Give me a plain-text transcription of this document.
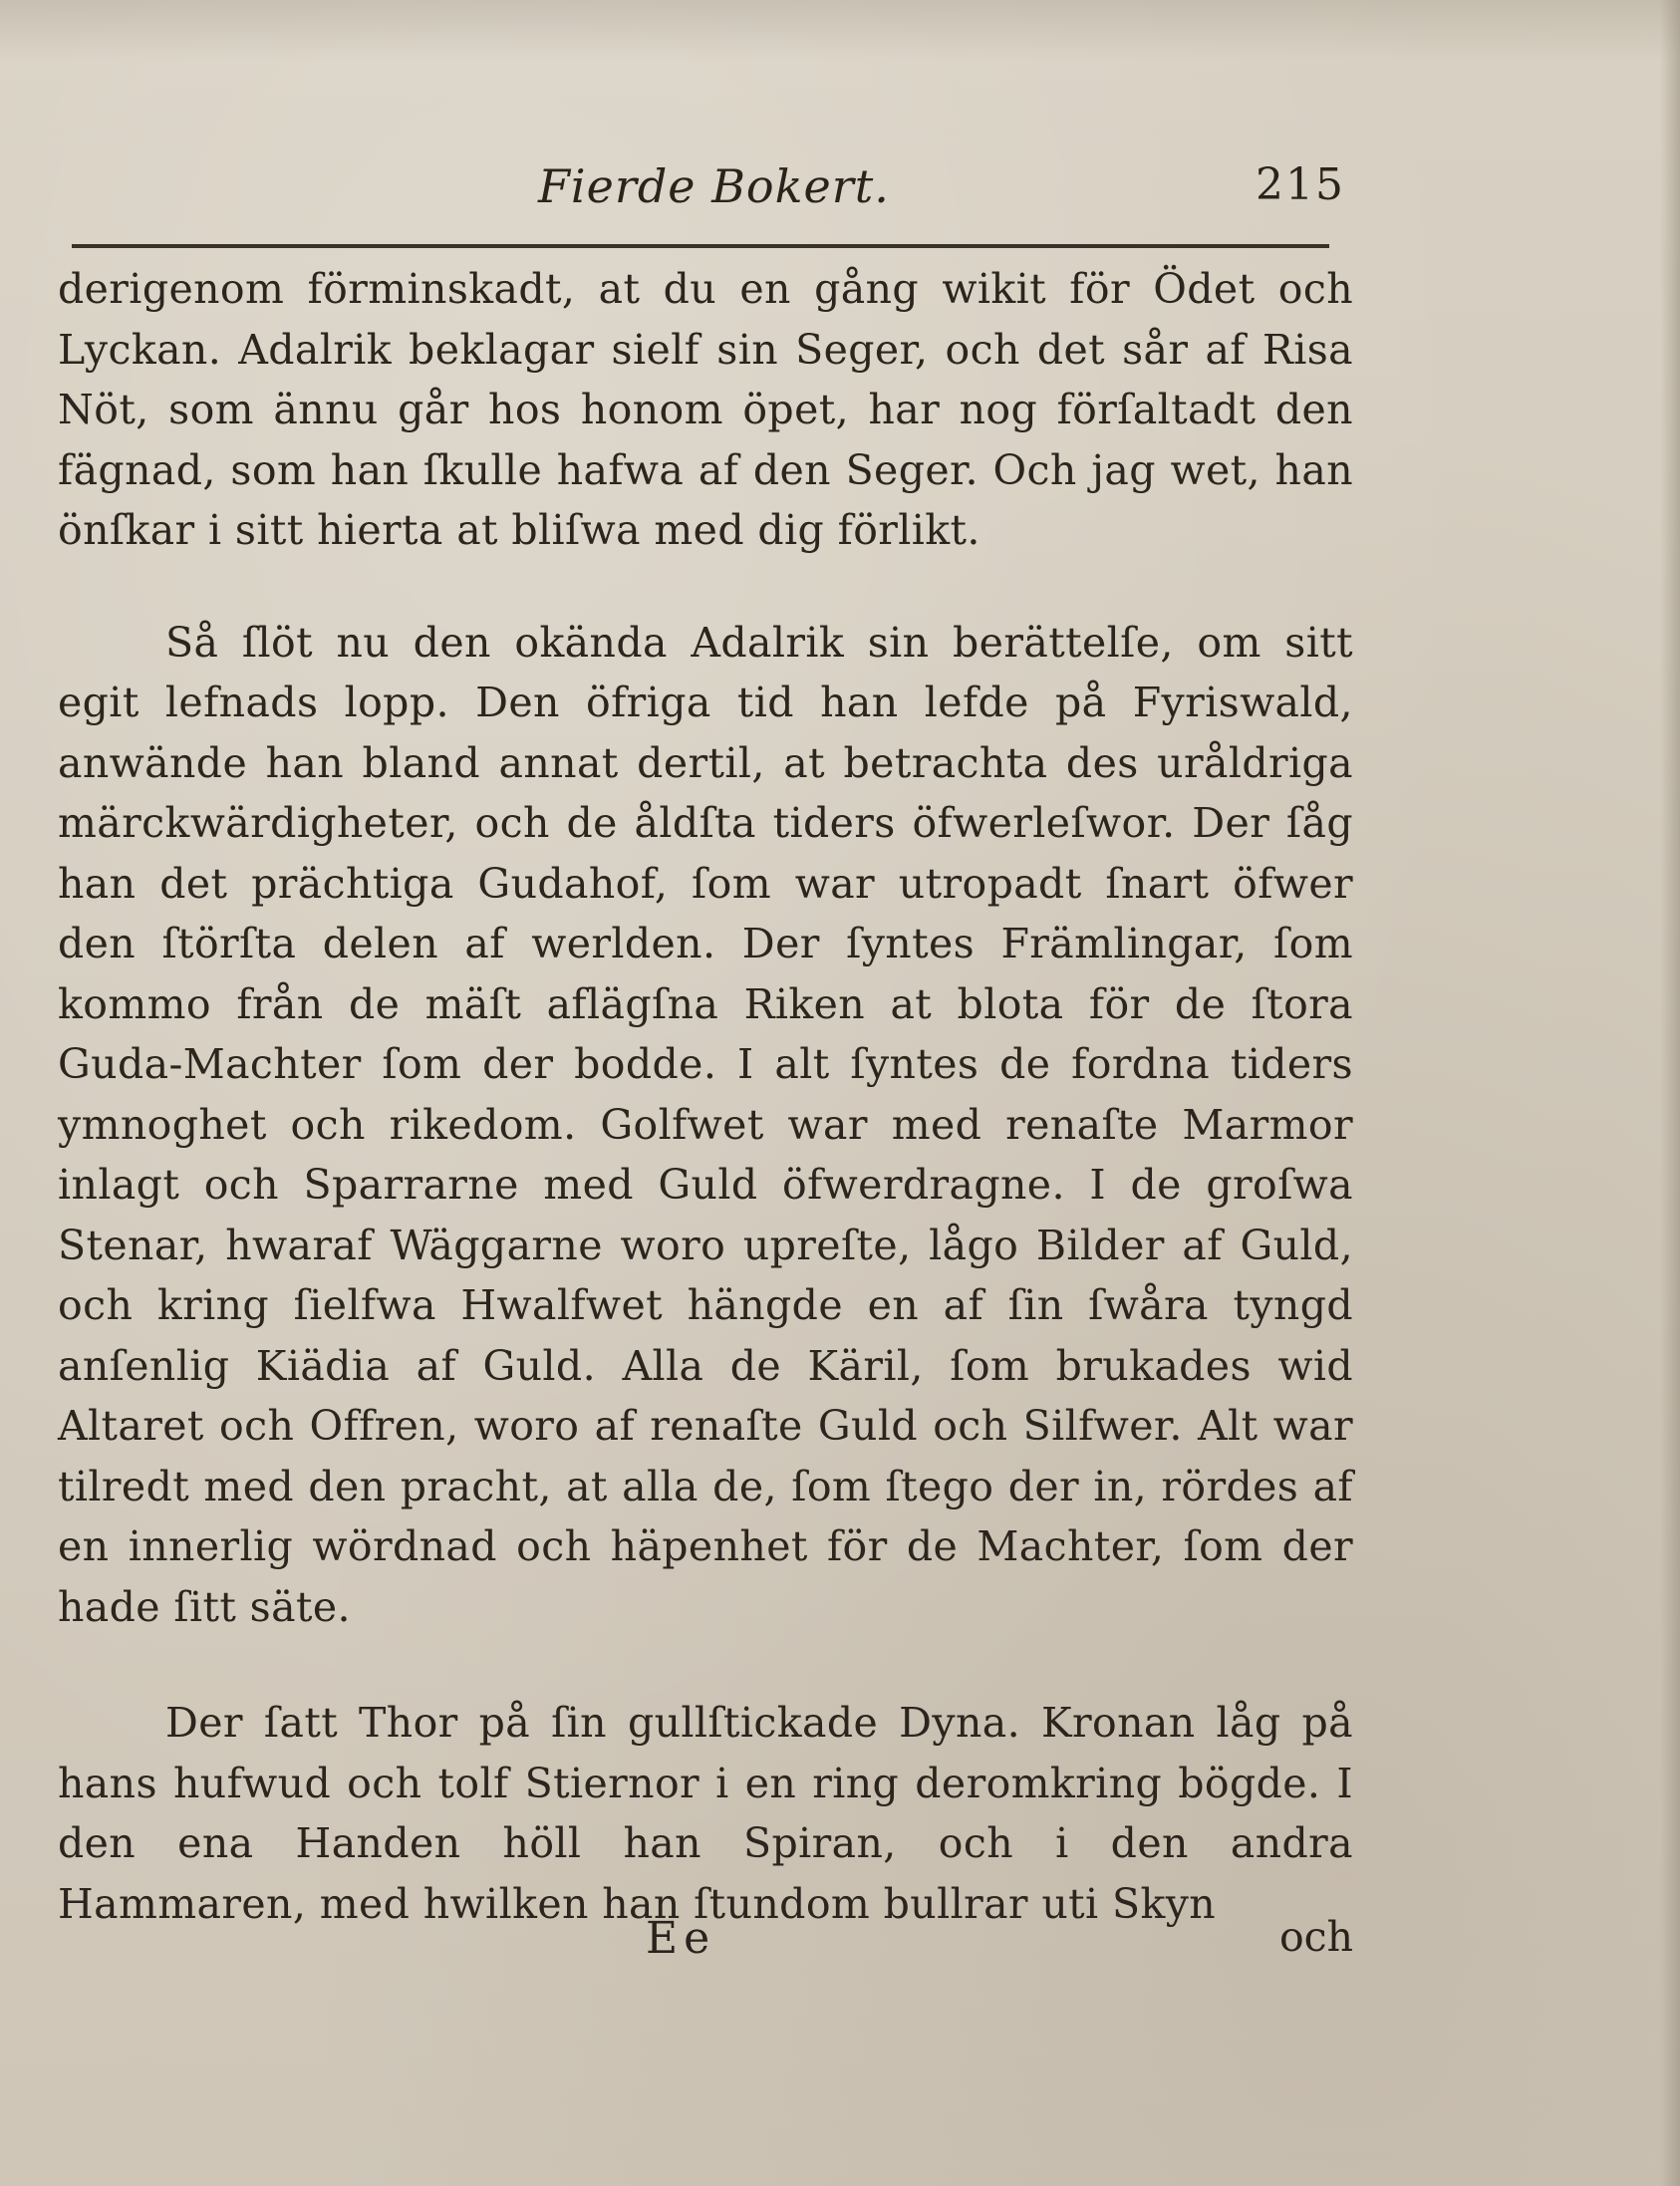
Fierde Bokert.	215

derigenom förminskadt, at du en gång wikit för Ödet och Lyckan. Adalrik beklagar sielf sin Seger, och det sår af Risa Nöt, som ännu går hos honom öpet, har nog förſaltadt den fägnad, som han ſkulle hafwa af den Seger. Och jag wet, han önſkar i sitt hierta at bliſwa med dig förlikt.

Så ſlöt nu den okända Adalrik sin berättelſe, om sitt egit lefnads lopp. Den öfriga tid han lefde på Fyriswald, anwände han bland annat dertil, at betrachta des uråldriga märckwärdigheter, och de åldſta tiders öfwerleſwor. Der ſåg han det prächtiga Gudahof, ſom war utropadt ſnart öfwer den ſtörſta delen af werlden. Der ſyntes Främlingar, ſom kommo från de mäſt aflägſna Riken at blota för de ſtora Guda-Machter ſom der bodde. I alt ſyntes de fordna tiders ymnoghet och rikedom. Golfwet war med renaſte Marmor inlagt och Sparrarne med Guld öfwerdragne. I de groſwa Stenar, hwaraf Wäggarne woro upreſte, lågo Bilder af Guld, och kring ſielfwa Hwalfwet hängde en af ſin ſwåra tyngd anſenlig Kiädia af Guld. Alla de Käril, ſom brukades wid Altaret och Offren, woro af renaſte Guld och Silfwer. Alt war tilredt med den pracht, at alla de, ſom ſtego der in, rördes af en innerlig wördnad och häpenhet för de Machter, ſom der hade ſitt säte.

Der ſatt Thor på ſin gullſtickade Dyna. Kronan låg på hans hufwud och tolf Stiernor i en ring deromkring bögde. I den ena Handen höll han Spiran, och i den andra Hammaren, med hwilken han ſtundom bullrar uti Skyn

Ee	och
